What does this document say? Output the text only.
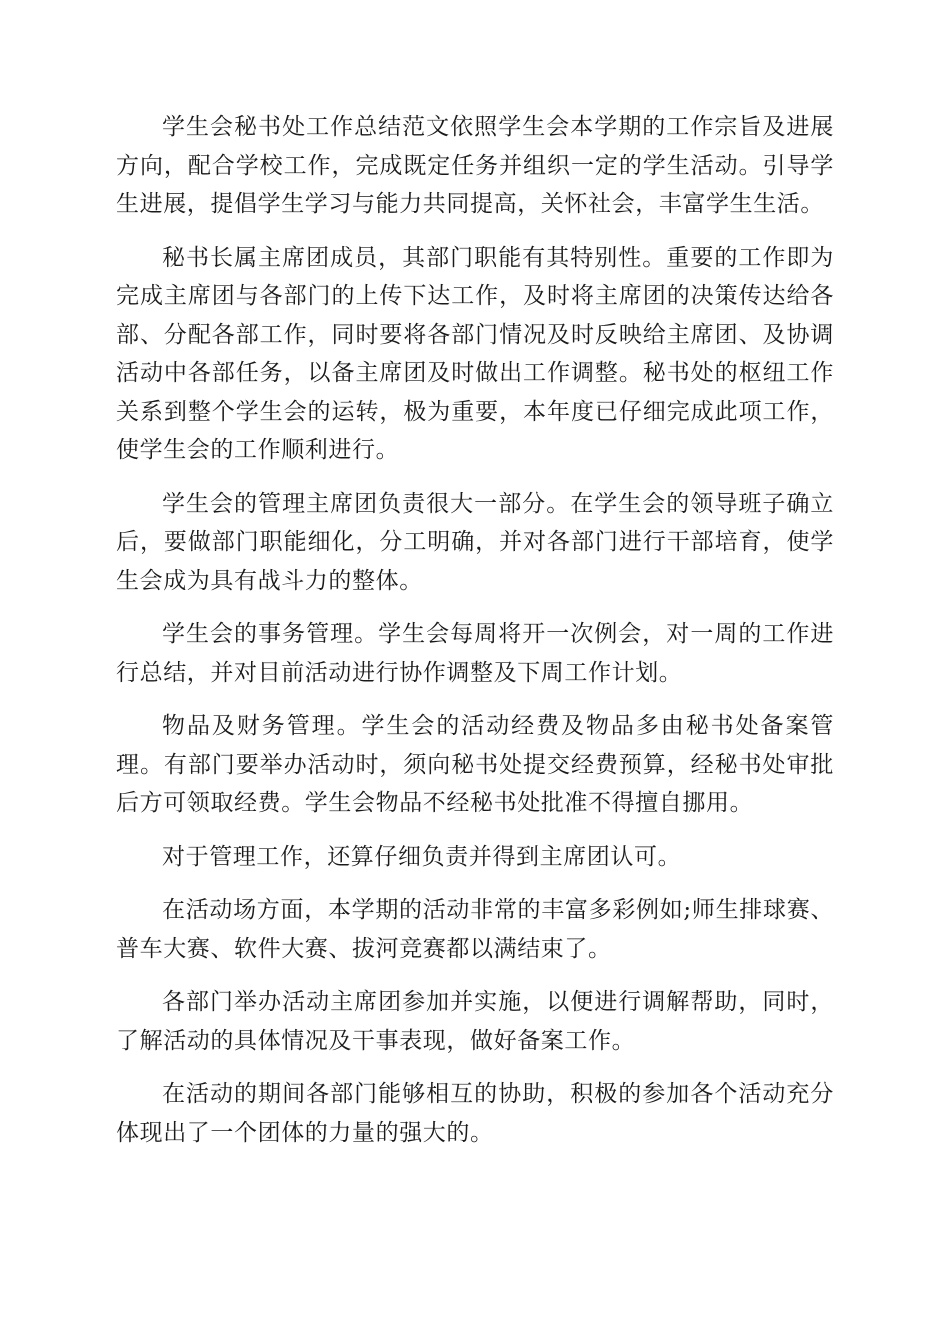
学生会秘书处工作总结范文依照学生会本学期的工作宗旨及进展方向，配合学校工作，完成既定任务并组织一定的学生活动。引导学生进展，提倡学生学习与能力共同提高，关怀社会，丰富学生生活。

秘书长属主席团成员，其部门职能有其特别性。重要的工作即为完成主席团与各部门的上传下达工作，及时将主席团的决策传达给各部、分配各部工作，同时要将各部门情况及时反映给主席团、及协调活动中各部任务，以备主席团及时做出工作调整。秘书处的枢纽工作关系到整个学生会的运转，极为重要，本年度已仔细完成此项工作，使学生会的工作顺利进行。

学生会的管理主席团负责很大一部分。在学生会的领导班子确立后，要做部门职能细化，分工明确，并对各部门进行干部培育，使学生会成为具有战斗力的整体。

学生会的事务管理。学生会每周将开一次例会，对一周的工作进行总结，并对目前活动进行协作调整及下周工作计划。

物品及财务管理。学生会的活动经费及物品多由秘书处备案管理。有部门要举办活动时，须向秘书处提交经费预算，经秘书处审批后方可领取经费。学生会物品不经秘书处批准不得擅自挪用。

对于管理工作，还算仔细负责并得到主席团认可。

在活动场方面，本学期的活动非常的丰富多彩例如;师生排球赛、普车大赛、软件大赛、拔河竞赛都以满结束了。

各部门举办活动主席团参加并实施，以便进行调解帮助，同时，了解活动的具体情况及干事表现，做好备案工作。

在活动的期间各部门能够相互的协助，积极的参加各个活动充分体现出了一个团体的力量的强大的。
